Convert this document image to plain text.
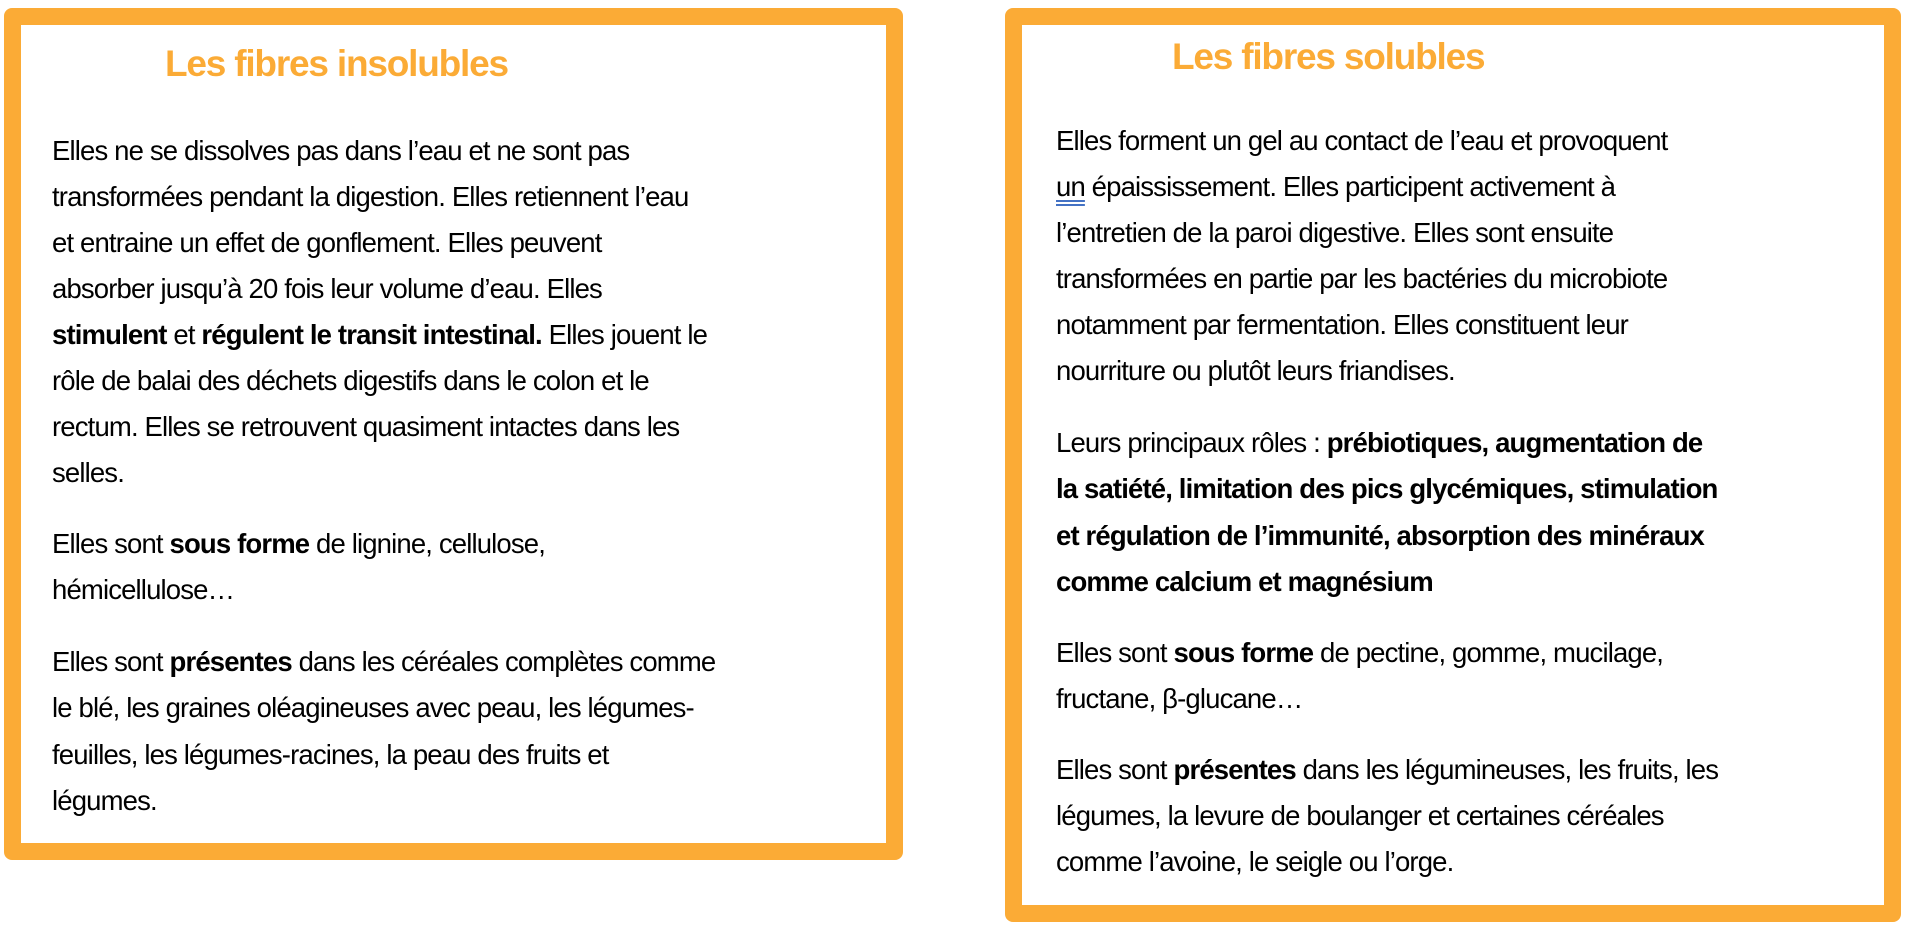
Les fibres insolubles	Les fibres solubles
Elles ne se dissolves pas dans l’eau et ne sont pas
transformées pendant la digestion. Elles retiennent l’eau
et entraine un effet de gonflement. Elles peuvent
absorber jusqu’à 20 fois leur volume d’eau. Elles
stimulent et régulent le transit intestinal. Elles jouent le
rôle de balai des déchets digestifs dans le colon et le
rectum. Elles se retrouvent quasiment intactes dans les
selles.
Elles sont sous forme de lignine, cellulose,
hémicellulose…
Elles sont présentes dans les céréales complètes comme
le blé, les graines oléagineuses avec peau, les légumes-
feuilles, les légumes-racines, la peau des fruits et
légumes.
Elles forment un gel au contact de l’eau et provoquent
un épaississement. Elles participent activement à
l’entretien de la paroi digestive. Elles sont ensuite
transformées en partie par les bactéries du microbiote
notamment par fermentation. Elles constituent leur
nourriture ou plutôt leurs friandises.
Leurs principaux rôles : prébiotiques, augmentation de
la satiété, limitation des pics glycémiques, stimulation
et régulation de l’immunité, absorption des minéraux
comme calcium et magnésium
Elles sont sous forme de pectine, gomme, mucilage,
fructane, β-glucane…
Elles sont présentes dans les légumineuses, les fruits, les
légumes, la levure de boulanger et certaines céréales
comme l’avoine, le seigle ou l’orge.
